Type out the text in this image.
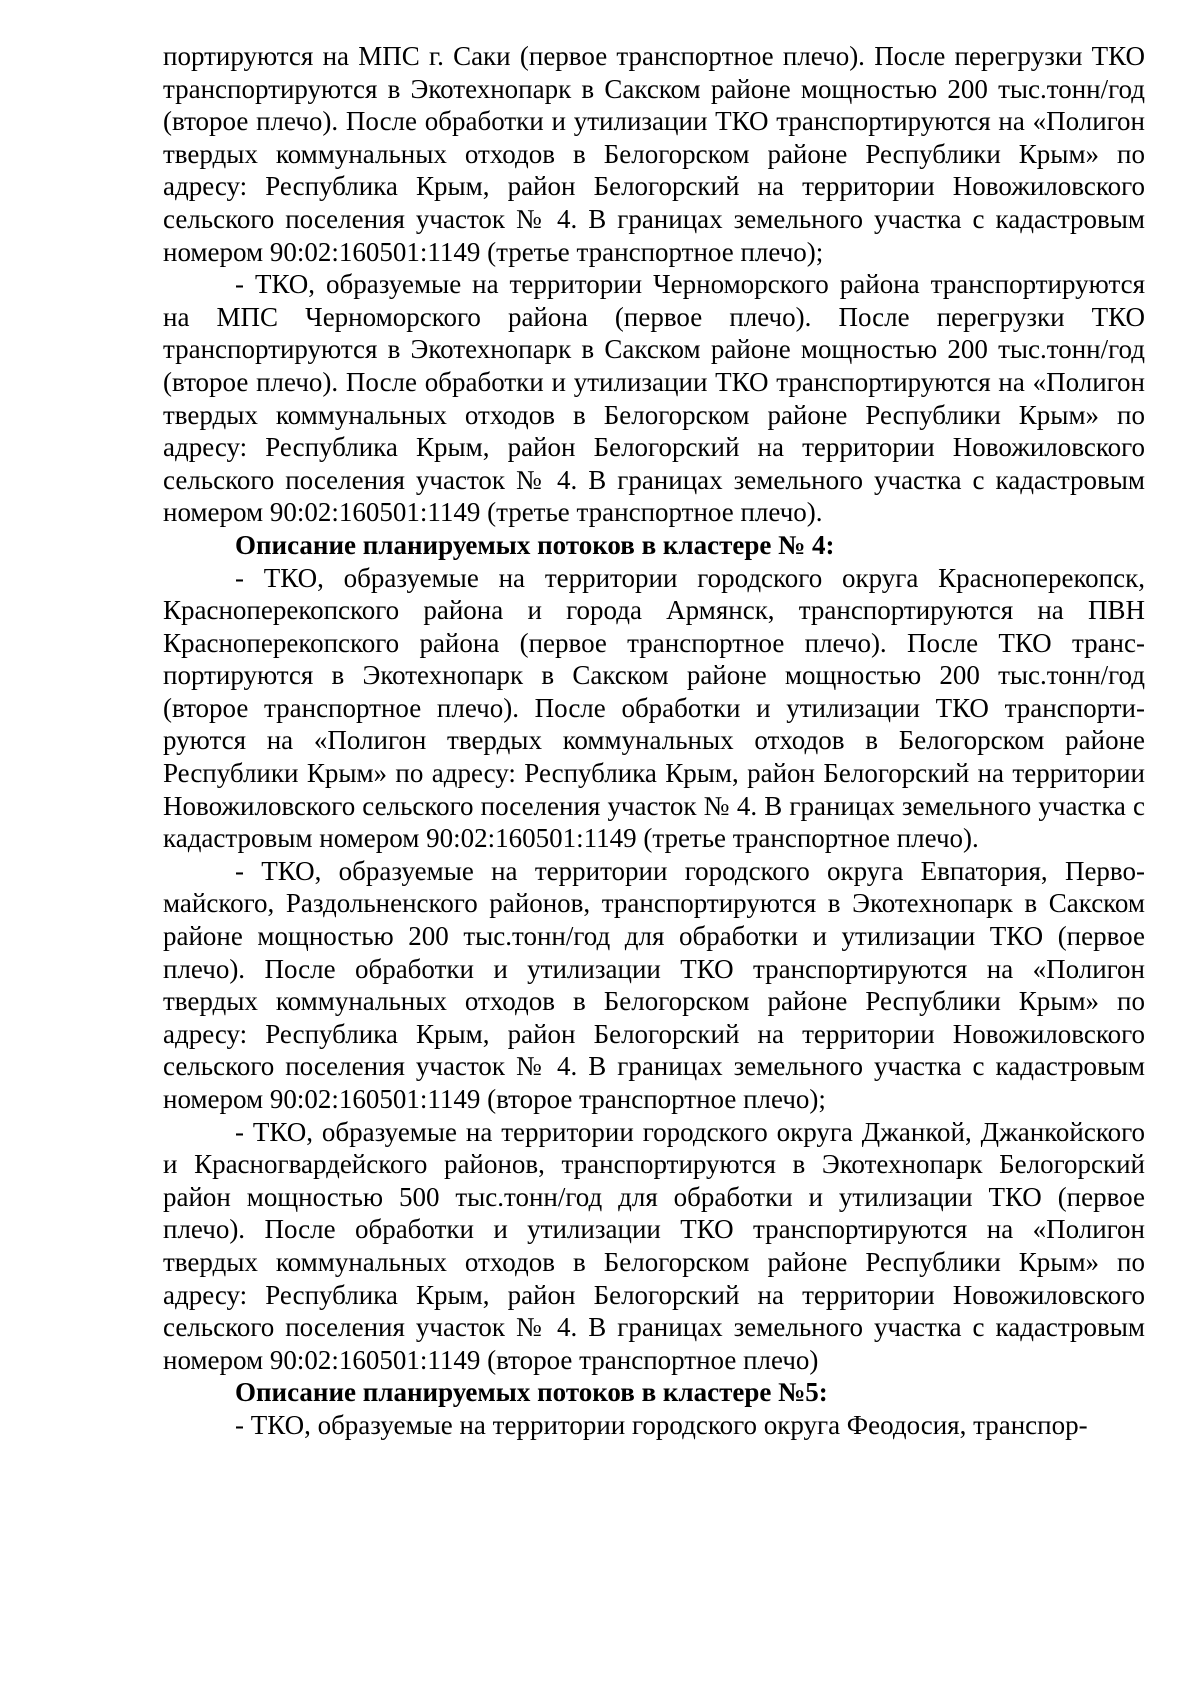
портируются на МПС г. Саки (первое транспортное плечо). После перегрузки ТКО транспортируются в Экотехнопарк в Сакском районе мощностью 200 тыс.тонн/год (второе плечо). После обработки и утилизации ТКО транспортируются на «Полигон твердых коммунальных отходов в Белогорском районе Республики Крым» по адресу: Республика Крым, район Белогорский на территории Новожиловского сельского поселения участок № 4. В границах земельного участка с кадастровым номером 90:02:160501:1149 (третье транспортное плечо);

- ТКО, образуемые на территории Черноморского района транспортируются на МПС Черноморского района (первое плечо). После перегрузки ТКО транспортируются в Экотехнопарк в Сакском районе мощностью 200 тыс.тонн/год (второе плечо). После обработки и утилизации ТКО транспортируются на «Полигон твердых коммунальных отходов в Белогорском районе Республики Крым» по адресу: Республика Крым, район Белогорский на территории Новожиловского сельского поселения участок № 4. В границах земельного участка с кадастровым номером 90:02:160501:1149 (третье транспортное плечо).

Описание планируемых потоков в кластере № 4:

- ТКО, образуемые на территории городского округа Красноперекопск, Красноперекопского района и города Армянск, транспортируются на ПВН Красноперекопского района (первое транспортное плечо). После ТКО транспортируются в Экотехнопарк в Сакском районе мощностью 200 тыс.тонн/год (второе транспортное плечо). После обработки и утилизации ТКО транспортируются на «Полигон твердых коммунальных отходов в Белогорском районе Республики Крым» по адресу: Республика Крым, район Белогорский на территории Новожиловского сельского поселения участок № 4. В границах земельного участка с кадастровым номером 90:02:160501:1149 (третье транспортное плечо).

- ТКО, образуемые на территории городского округа Евпатория, Первомайского, Раздольненского районов, транспортируются в Экотехнопарк в Сакском районе мощностью 200 тыс.тонн/год для обработки и утилизации ТКО (первое плечо). После обработки и утилизации ТКО транспортируются на «Полигон твердых коммунальных отходов в Белогорском районе Республики Крым» по адресу: Республика Крым, район Белогорский на территории Новожиловского сельского поселения участок № 4. В границах земельного участка с кадастровым номером 90:02:160501:1149 (второе транспортное плечо);

- ТКО, образуемые на территории городского округа Джанкой, Джанкойского и Красногвардейского районов, транспортируются в Экотехнопарк Белогорский район мощностью 500 тыс.тонн/год для обработки и утилизации ТКО (первое плечо). После обработки и утилизации ТКО транспортируются на «Полигон твердых коммунальных отходов в Белогорском районе Республики Крым» по адресу: Республика Крым, район Белогорский на территории Новожиловского сельского поселения участок № 4. В границах земельного участка с кадастровым номером 90:02:160501:1149 (второе транспортное плечо)

Описание планируемых потоков в кластере №5:

- ТКО, образуемые на территории городского округа Феодосия, транспор-
